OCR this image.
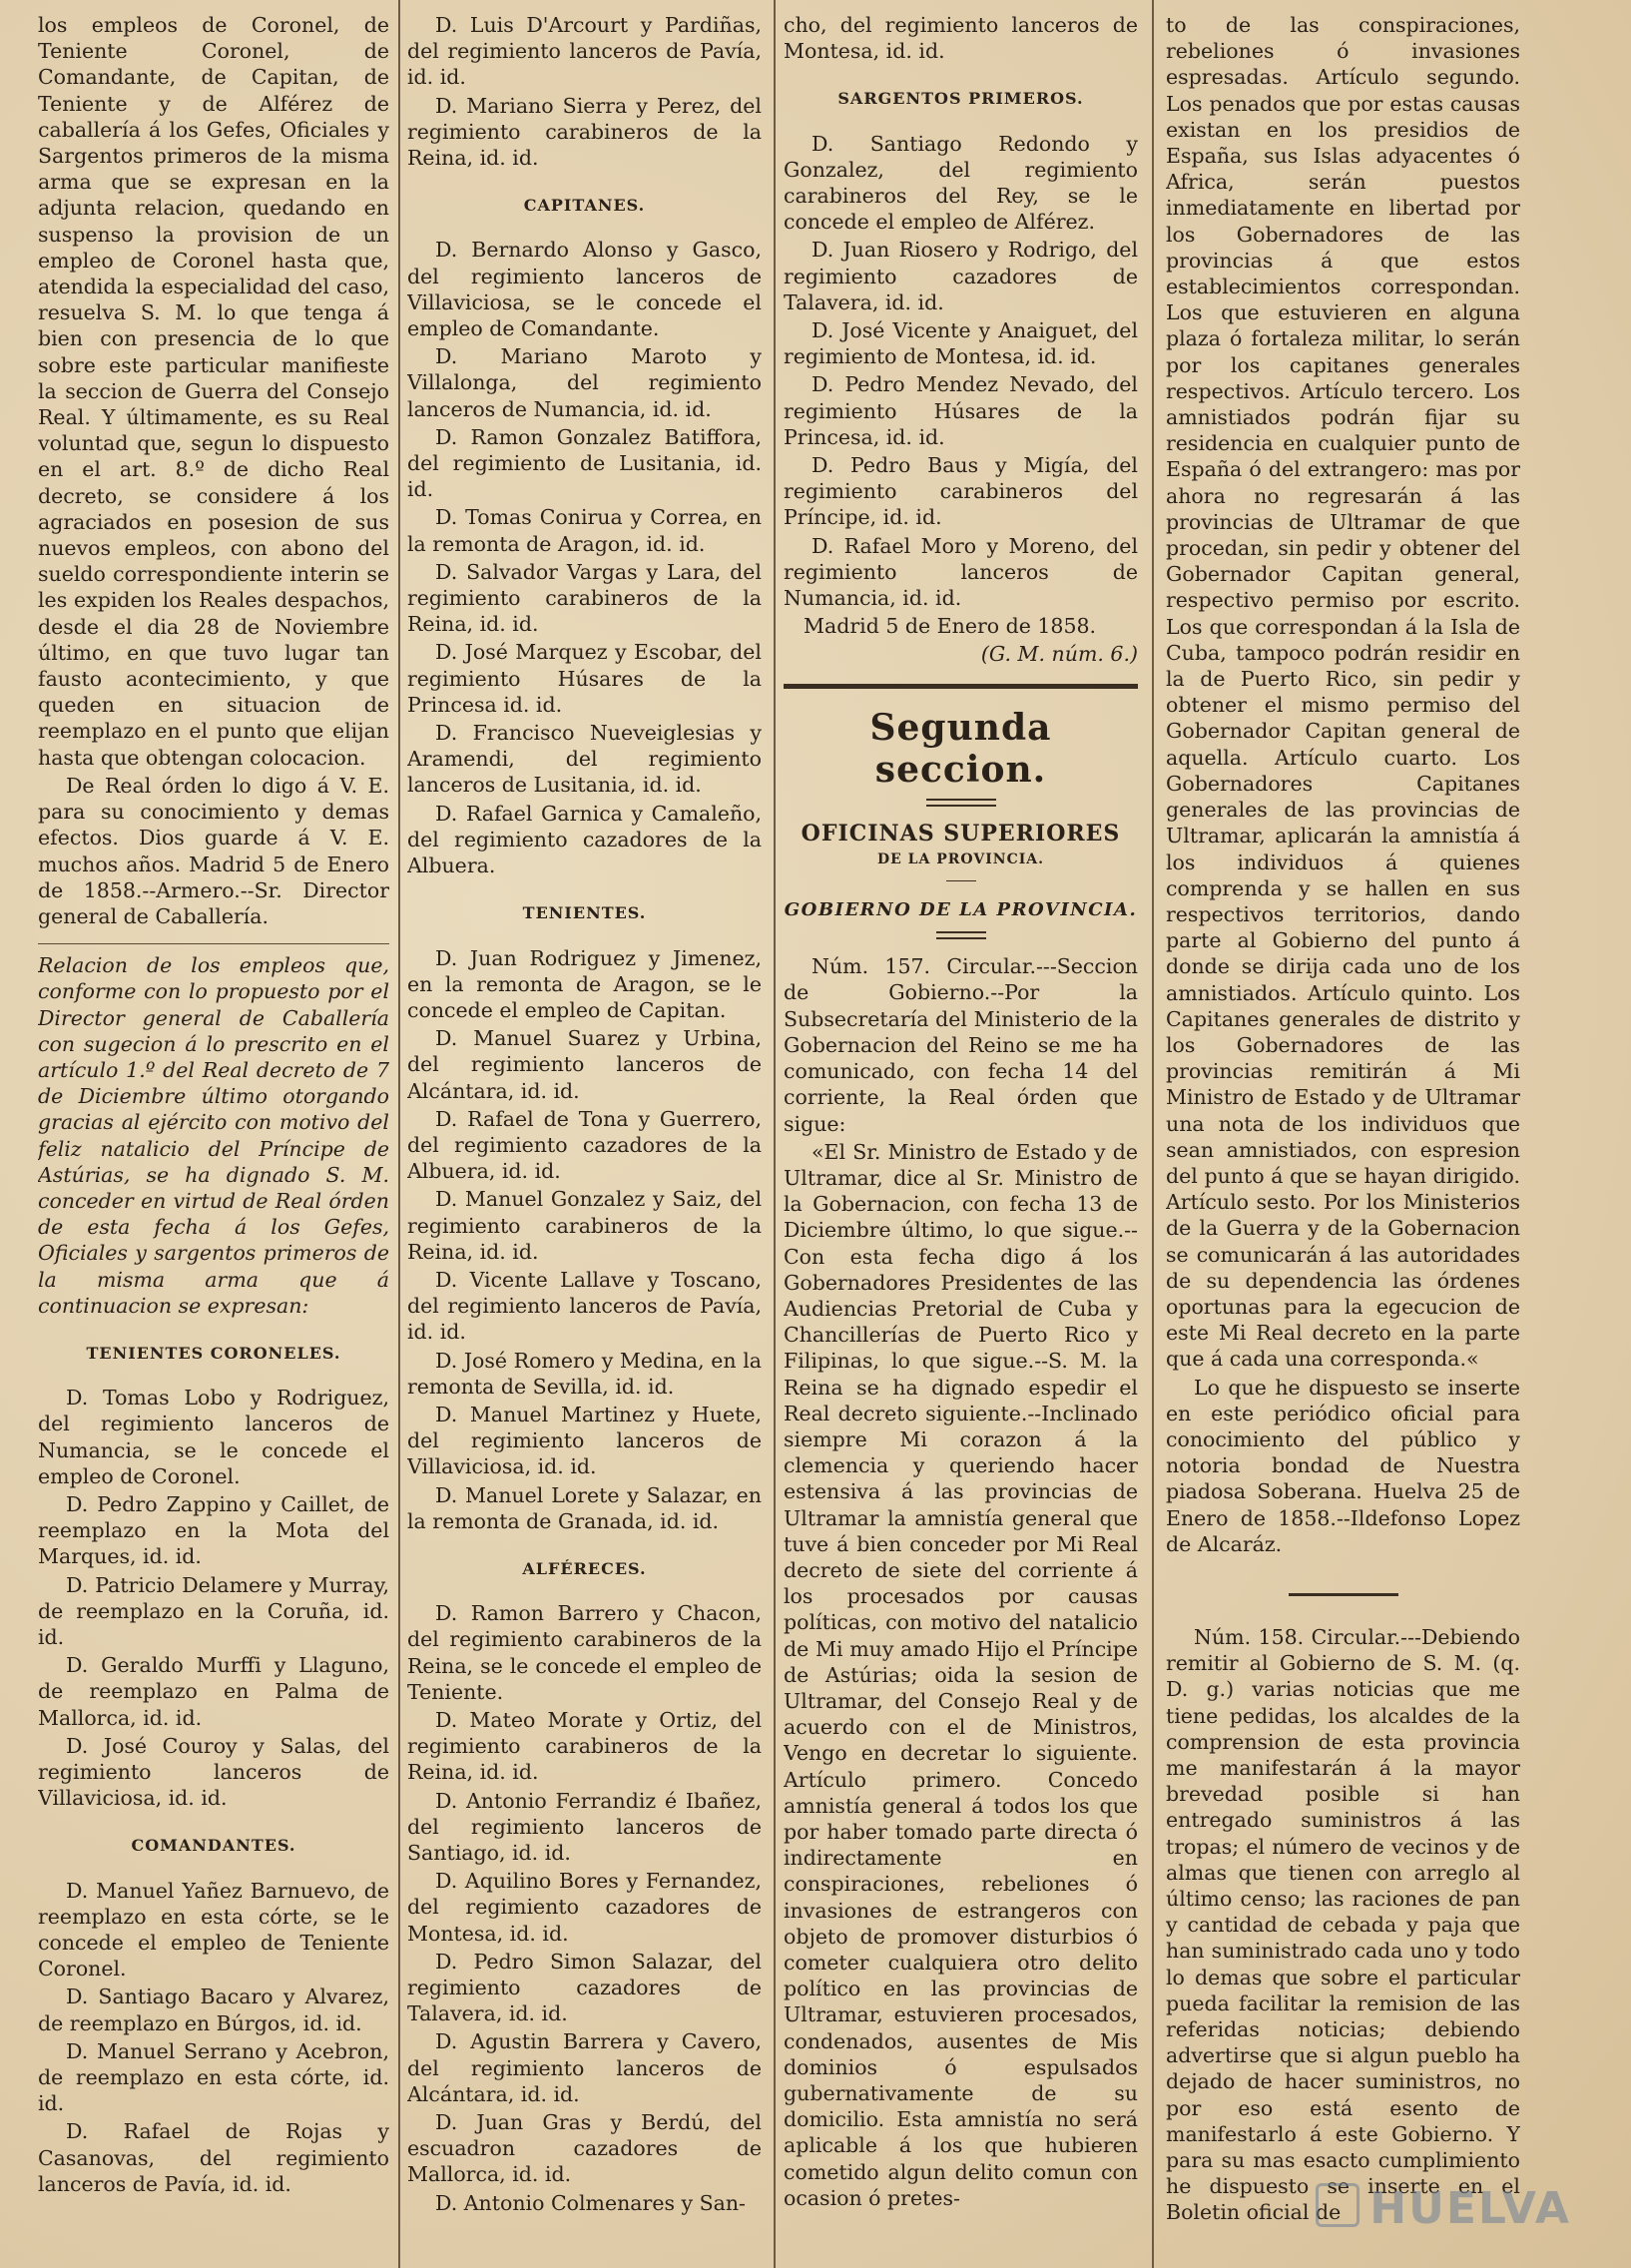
los empleos de Coronel, de Teniente Coronel, de Comandante, de Capitan, de Teniente y de Alférez de caballería á los Gefes, Oficiales y Sargentos primeros de la misma arma que se expresan en la adjunta relacion, quedando en suspenso la provision de un empleo de Coronel hasta que, atendida la especialidad del caso, resuelva S. M. lo que tenga á bien con presencia de lo que sobre este particular manifieste la seccion de Guerra del Consejo Real. Y últimamente, es su Real voluntad que, segun lo dispuesto en el art. 8.º de dicho Real decreto, se considere á los agraciados en posesion de sus nuevos empleos, con abono del sueldo correspondiente interin se les expiden los Reales despachos, desde el dia 28 de Noviembre último, en que tuvo lugar tan fausto acontecimiento, y que queden en situacion de reemplazo en el punto que elijan hasta que obtengan colocacion.

De Real órden lo digo á V. E. para su conocimiento y demas efectos. Dios guarde á V. E. muchos años. Madrid 5 de Enero de 1858.--Armero.--Sr. Director general de Caballería.

Relacion de los empleos que, conforme con lo propuesto por el Director general de Caballería con sugecion á lo prescrito en el artículo 1.º del Real decreto de 7 de Diciembre último otorgando gracias al ejército con motivo del feliz natalicio del Príncipe de Astúrias, se ha dignado S. M. conceder en virtud de Real órden de esta fecha á los Gefes, Oficiales y sargentos primeros de la misma arma que á continuacion se expresan:

TENIENTES CORONELES.

D. Tomas Lobo y Rodriguez, del regimiento lanceros de Numancia, se le concede el empleo de Coronel.

D. Pedro Zappino y Caillet, de reemplazo en la Mota del Marques, id. id.

D. Patricio Delamere y Murray, de reemplazo en la Coruña, id. id.

D. Geraldo Murffi y Llaguno, de reemplazo en Palma de Mallorca, id. id.

D. José Couroy y Salas, del regimiento lanceros de Villaviciosa, id. id.

COMANDANTES.

D. Manuel Yañez Barnuevo, de reemplazo en esta córte, se le concede el empleo de Teniente Coronel.

D. Santiago Bacaro y Alvarez, de reemplazo en Búrgos, id. id.

D. Manuel Serrano y Acebron, de reemplazo en esta córte, id. id.

D. Rafael de Rojas y Casanovas, del regimiento lanceros de Pavía, id. id.

D. Luis D'Arcourt y Pardiñas, del regimiento lanceros de Pavía, id. id.

D. Mariano Sierra y Perez, del regimiento carabineros de la Reina, id. id.

CAPITANES.

D. Bernardo Alonso y Gasco, del regimiento lanceros de Villaviciosa, se le concede el empleo de Comandante.

D. Mariano Maroto y Villalonga, del regimiento lanceros de Numancia, id. id.

D. Ramon Gonzalez Batiffora, del regimiento de Lusitania, id. id.

D. Tomas Conirua y Correa, en la remonta de Aragon, id. id.

D. Salvador Vargas y Lara, del regimiento carabineros de la Reina, id. id.

D. José Marquez y Escobar, del regimiento Húsares de la Princesa id. id.

D. Francisco Nueveiglesias y Aramendi, del regimiento lanceros de Lusitania, id. id.

D. Rafael Garnica y Camaleño, del regimiento cazadores de la Albuera.

TENIENTES.

D. Juan Rodriguez y Jimenez, en la remonta de Aragon, se le concede el empleo de Capitan.

D. Manuel Suarez y Urbina, del regimiento lanceros de Alcántara, id. id.

D. Rafael de Tona y Guerrero, del regimiento cazadores de la Albuera, id. id.

D. Manuel Gonzalez y Saiz, del regimiento carabineros de la Reina, id. id.

D. Vicente Lallave y Toscano, del regimiento lanceros de Pavía, id. id.

D. José Romero y Medina, en la remonta de Sevilla, id. id.

D. Manuel Martinez y Huete, del regimiento lanceros de Villaviciosa, id. id.

D. Manuel Lorete y Salazar, en la remonta de Granada, id. id.

ALFÉRECES.

D. Ramon Barrero y Chacon, del regimiento carabineros de la Reina, se le concede el empleo de Teniente.

D. Mateo Morate y Ortiz, del regimiento carabineros de la Reina, id. id.

D. Antonio Ferrandiz é Ibañez, del regimiento lanceros de Santiago, id. id.

D. Aquilino Bores y Fernandez, del regimiento cazadores de Montesa, id. id.

D. Pedro Simon Salazar, del regimiento cazadores de Talavera, id. id.

D. Agustin Barrera y Cavero, del regimiento lanceros de Alcántara, id. id.

D. Juan Gras y Berdú, del escuadron cazadores de Mallorca, id. id.

D. Antonio Colmenares y San-

cho, del regimiento lanceros de Montesa, id. id.

SARGENTOS PRIMEROS.

D. Santiago Redondo y Gonzalez, del regimiento carabineros del Rey, se le concede el empleo de Alférez.

D. Juan Riosero y Rodrigo, del regimiento cazadores de Talavera, id. id.

D. José Vicente y Anaiguet, del regimiento de Montesa, id. id.

D. Pedro Mendez Nevado, del regimiento Húsares de la Princesa, id. id.

D. Pedro Baus y Migía, del regimiento carabineros del Príncipe, id. id.

D. Rafael Moro y Moreno, del regimiento lanceros de Numancia, id. id.

Madrid 5 de Enero de 1858.

(G. M. núm. 6.)

Segunda seccion.

OFICINAS SUPERIORES

DE LA PROVINCIA.

GOBIERNO DE LA PROVINCIA.

Núm. 157. Circular.---Seccion de Gobierno.--Por la Subsecretaría del Ministerio de la Gobernacion del Reino se me ha comunicado, con fecha 14 del corriente, la Real órden que sigue:

«El Sr. Ministro de Estado y de Ultramar, dice al Sr. Ministro de la Gobernacion, con fecha 13 de Diciembre último, lo que sigue.--Con esta fecha digo á los Gobernadores Presidentes de las Audiencias Pretorial de Cuba y Chancillerías de Puerto Rico y Filipinas, lo que sigue.--S. M. la Reina se ha dignado espedir el Real decreto siguiente.--Inclinado siempre Mi corazon á la clemencia y queriendo hacer estensiva á las provincias de Ultramar la amnistía general que tuve á bien conceder por Mi Real decreto de siete del corriente á los procesados por causas políticas, con motivo del natalicio de Mi muy amado Hijo el Príncipe de Astúrias; oida la sesion de Ultramar, del Consejo Real y de acuerdo con el de Ministros, Vengo en decretar lo siguiente. Artículo primero. Concedo amnistía general á todos los que por haber tomado parte directa ó indirectamente en conspiraciones, rebeliones ó invasiones de estrangeros con objeto de promover disturbios ó cometer cualquiera otro delito político en las provincias de Ultramar, estuvieren procesados, condenados, ausentes de Mis dominios ó espulsados gubernativamente de su domicilio. Esta amnistía no será aplicable á los que hubieren cometido algun delito comun con ocasion ó pretes-

to de las conspiraciones, rebeliones ó invasiones espresadas. Artículo segundo. Los penados que por estas causas existan en los presidios de España, sus Islas adyacentes ó Africa, serán puestos inmediatamente en libertad por los Gobernadores de las provincias á que estos establecimientos correspondan. Los que estuvieren en alguna plaza ó fortaleza militar, lo serán por los capitanes generales respectivos. Artículo tercero. Los amnistiados podrán fijar su residencia en cualquier punto de España ó del extrangero: mas por ahora no regresarán á las provincias de Ultramar de que procedan, sin pedir y obtener del Gobernador Capitan general, respectivo permiso por escrito. Los que correspondan á la Isla de Cuba, tampoco podrán residir en la de Puerto Rico, sin pedir y obtener el mismo permiso del Gobernador Capitan general de aquella. Artículo cuarto. Los Gobernadores Capitanes generales de las provincias de Ultramar, aplicarán la amnistía á los individuos á quienes comprenda y se hallen en sus respectivos territorios, dando parte al Gobierno del punto á donde se dirija cada uno de los amnistiados. Artículo quinto. Los Capitanes generales de distrito y los Gobernadores de las provincias remitirán á Mi Ministro de Estado y de Ultramar una nota de los individuos que sean amnistiados, con espresion del punto á que se hayan dirigido. Artículo sesto. Por los Ministerios de la Guerra y de la Gobernacion se comunicarán á las autoridades de su dependencia las órdenes oportunas para la egecucion de este Mi Real decreto en la parte que á cada una corresponda.«

Lo que he dispuesto se inserte en este periódico oficial para conocimiento del público y notoria bondad de Nuestra piadosa Soberana. Huelva 25 de Enero de 1858.--Ildefonso Lopez de Alcaráz.

Núm. 158. Circular.---Debiendo remitir al Gobierno de S. M. (q. D. g.) varias noticias que me tiene pedidas, los alcaldes de la comprension de esta provincia me manifestarán á la mayor brevedad posible si han entregado suministros á las tropas; el número de vecinos y de almas que tienen con arreglo al último censo; las raciones de pan y cantidad de cebada y paja que han suministrado cada uno y todo lo demas que sobre el particular pueda facilitar la remision de las referidas noticias; debiendo advertirse que si algun pueblo ha dejado de hacer suministros, no por eso está esento de manifestarlo á este Gobierno. Y para su mas esacto cumplimiento he dispuesto se inserte en el Boletin oficial de HUELVA
